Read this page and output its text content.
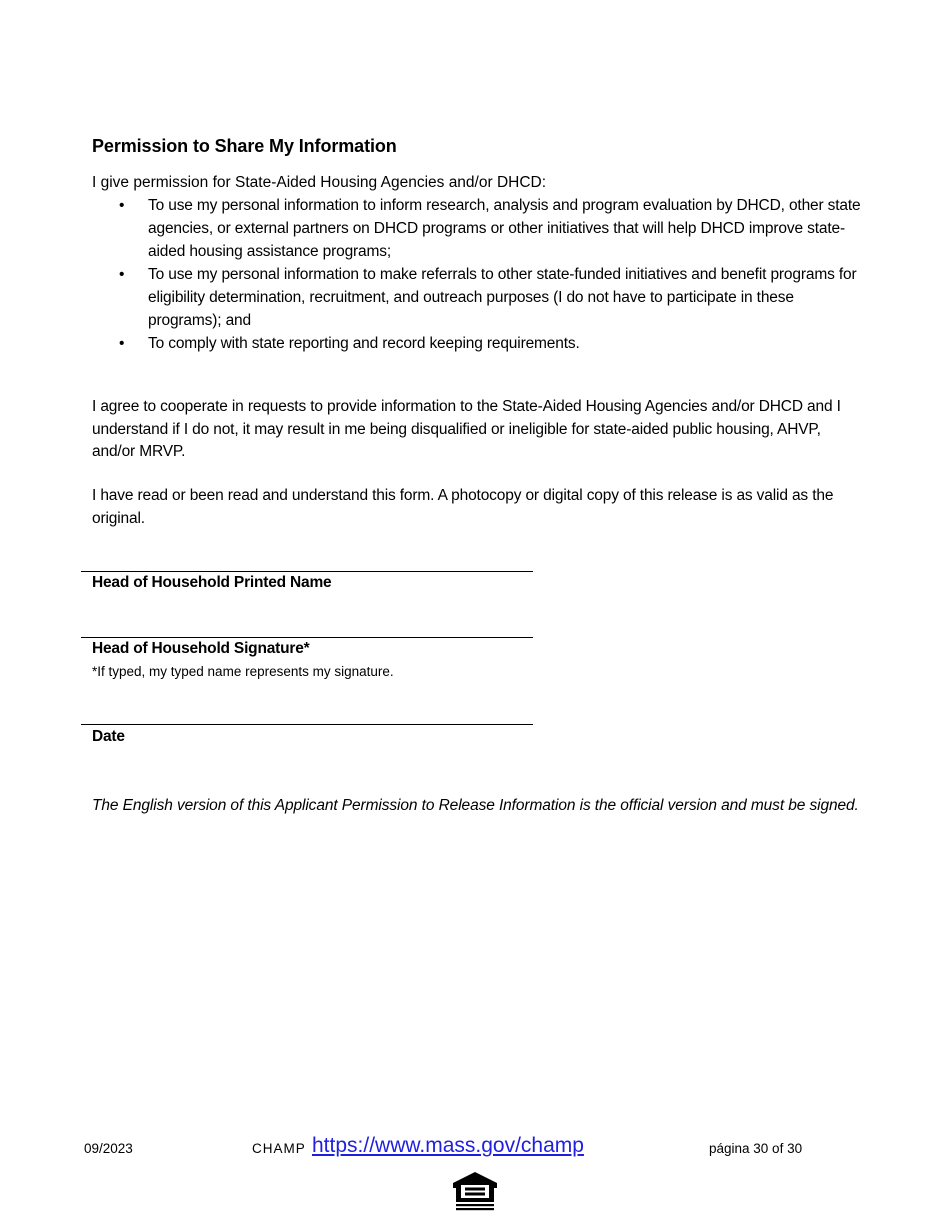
Permission to Share My Information
I give permission for State-Aided Housing Agencies and/or DHCD:
• To use my personal information to inform research, analysis and program evaluation by DHCD, other state agencies, or external partners on DHCD programs or other initiatives that will help DHCD improve state-aided housing assistance programs;
• To use my personal information to make referrals to other state-funded initiatives and benefit programs for eligibility determination, recruitment, and outreach purposes (I do not have to participate in these programs); and
• To comply with state reporting and record keeping requirements.
I agree to cooperate in requests to provide information to the State-Aided Housing Agencies and/or DHCD and I understand if I do not, it may result in me being disqualified or ineligible for state-aided public housing, AHVP, and/or MRVP.
I have read or been read and understand this form. A photocopy or digital copy of this release is as valid as the original.
Head of Household Printed Name
Head of Household Signature*
*If typed, my typed name represents my signature.
Date
The English version of this Applicant Permission to Release Information is the official version and must be signed.
09/2023	CHAMP https://www.mass.gov/champ	página 30 of 30
